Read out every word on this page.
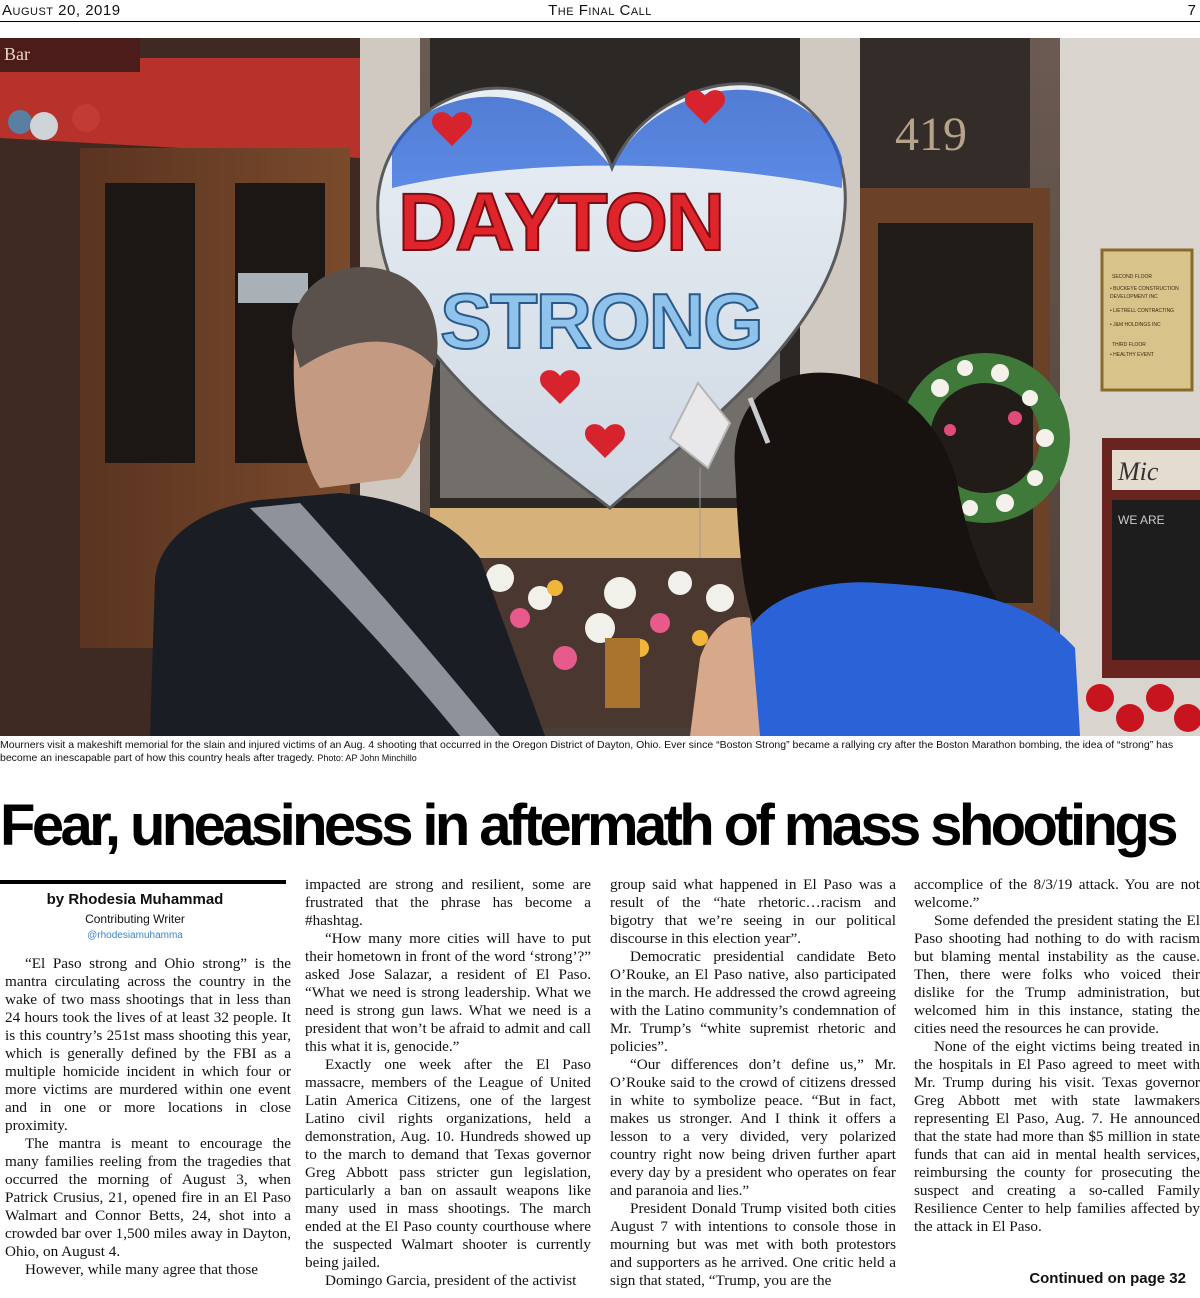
August 20, 2019	The Final Call	7
Bar
419
SECOND FLOOR
• BUCKEYE CONSTRUCTION
DEVELOPMENT INC
• LIETRELL CONTRACTING
• J&M HOLDINGS INC
THIRD FLOOR
• HEALTHY EVENT
Mic
WE ARE
DAYTON
STRONG
Mourners visit a makeshift memorial for the slain and injured victims of an Aug. 4 shooting that occurred in the Oregon District of Dayton, Ohio. Ever since “Boston Strong” became a rallying cry after the Boston Marathon bombing, the idea of “strong” has become an inescapable part of how this country heals after tragedy. Photo: AP John Minchillo
Fear, uneasiness in aftermath of mass shootings
by Rhodesia Muhammad
Contributing Writer
@rhodesiamuhamma

“El Paso strong and Ohio strong” is the mantra circulating across the country in the wake of two mass shootings that in less than 24 hours took the lives of at least 32 people. It is this country’s 251st mass shooting this year, which is generally defined by the FBI as a multiple homicide incident in which four or more victims are murdered within one event and in one or more locations in close proximity.

The mantra is meant to encourage the many families reeling from the tragedies that occurred the morning of August 3, when Patrick Crusius, 21, opened fire in an El Paso Walmart and Connor Betts, 24, shot into a crowded bar over 1,500 miles away in Dayton, Ohio, on August 4.

However, while many agree that those

impacted are strong and resilient, some are frustrated that the phrase has become a #hashtag.

“How many more cities will have to put their hometown in front of the word ‘strong’?” asked Jose Salazar, a resident of El Paso. “What we need is strong leadership. What we need is strong gun laws. What we need is a president that won’t be afraid to admit and call this what it is, genocide.”

Exactly one week after the El Paso massacre, members of the League of United Latin America Citizens, one of the largest Latino civil rights organizations, held a demonstration, Aug. 10. Hundreds showed up to the march to demand that Texas governor Greg Abbott pass stricter gun legislation, particularly a ban on assault weapons like many used in mass shootings. The march ended at the El Paso county courthouse where the suspected Walmart shooter is currently being jailed.

Domingo Garcia, president of the activist

group said what happened in El Paso was a result of the “hate rhetoric…racism and bigotry that we’re seeing in our political discourse in this election year”.

Democratic presidential candidate Beto O’Rouke, an El Paso native, also participated in the march. He addressed the crowd agreeing with the Latino community’s condemnation of Mr. Trump’s “white supremist rhetoric and policies”.

“Our differences don’t define us,” Mr. O’Rouke said to the crowd of citizens dressed in white to symbolize peace. “But in fact, makes us stronger. And I think it offers a lesson to a very divided, very polarized country right now being driven further apart every day by a president who operates on fear and paranoia and lies.”

President Donald Trump visited both cities August 7 with intentions to console those in mourning but was met with both protestors and supporters as he arrived. One critic held a sign that stated, “Trump, you are the

accomplice of the 8/3/19 attack. You are not welcome.”

Some defended the president stating the El Paso shooting had nothing to do with racism but blaming mental instability as the cause. Then, there were folks who voiced their dislike for the Trump administration, but welcomed him in this instance, stating the cities need the resources he can provide.

None of the eight victims being treated in the hospitals in El Paso agreed to meet with Mr. Trump during his visit. Texas governor Greg Abbott met with state lawmakers representing El Paso, Aug. 7. He announced that the state had more than $5 million in state funds that can aid in mental health services, reimbursing the county for prosecuting the suspect and creating a so-called Family Resilience Center to help families affected by the attack in El Paso.

Continued on page 32
